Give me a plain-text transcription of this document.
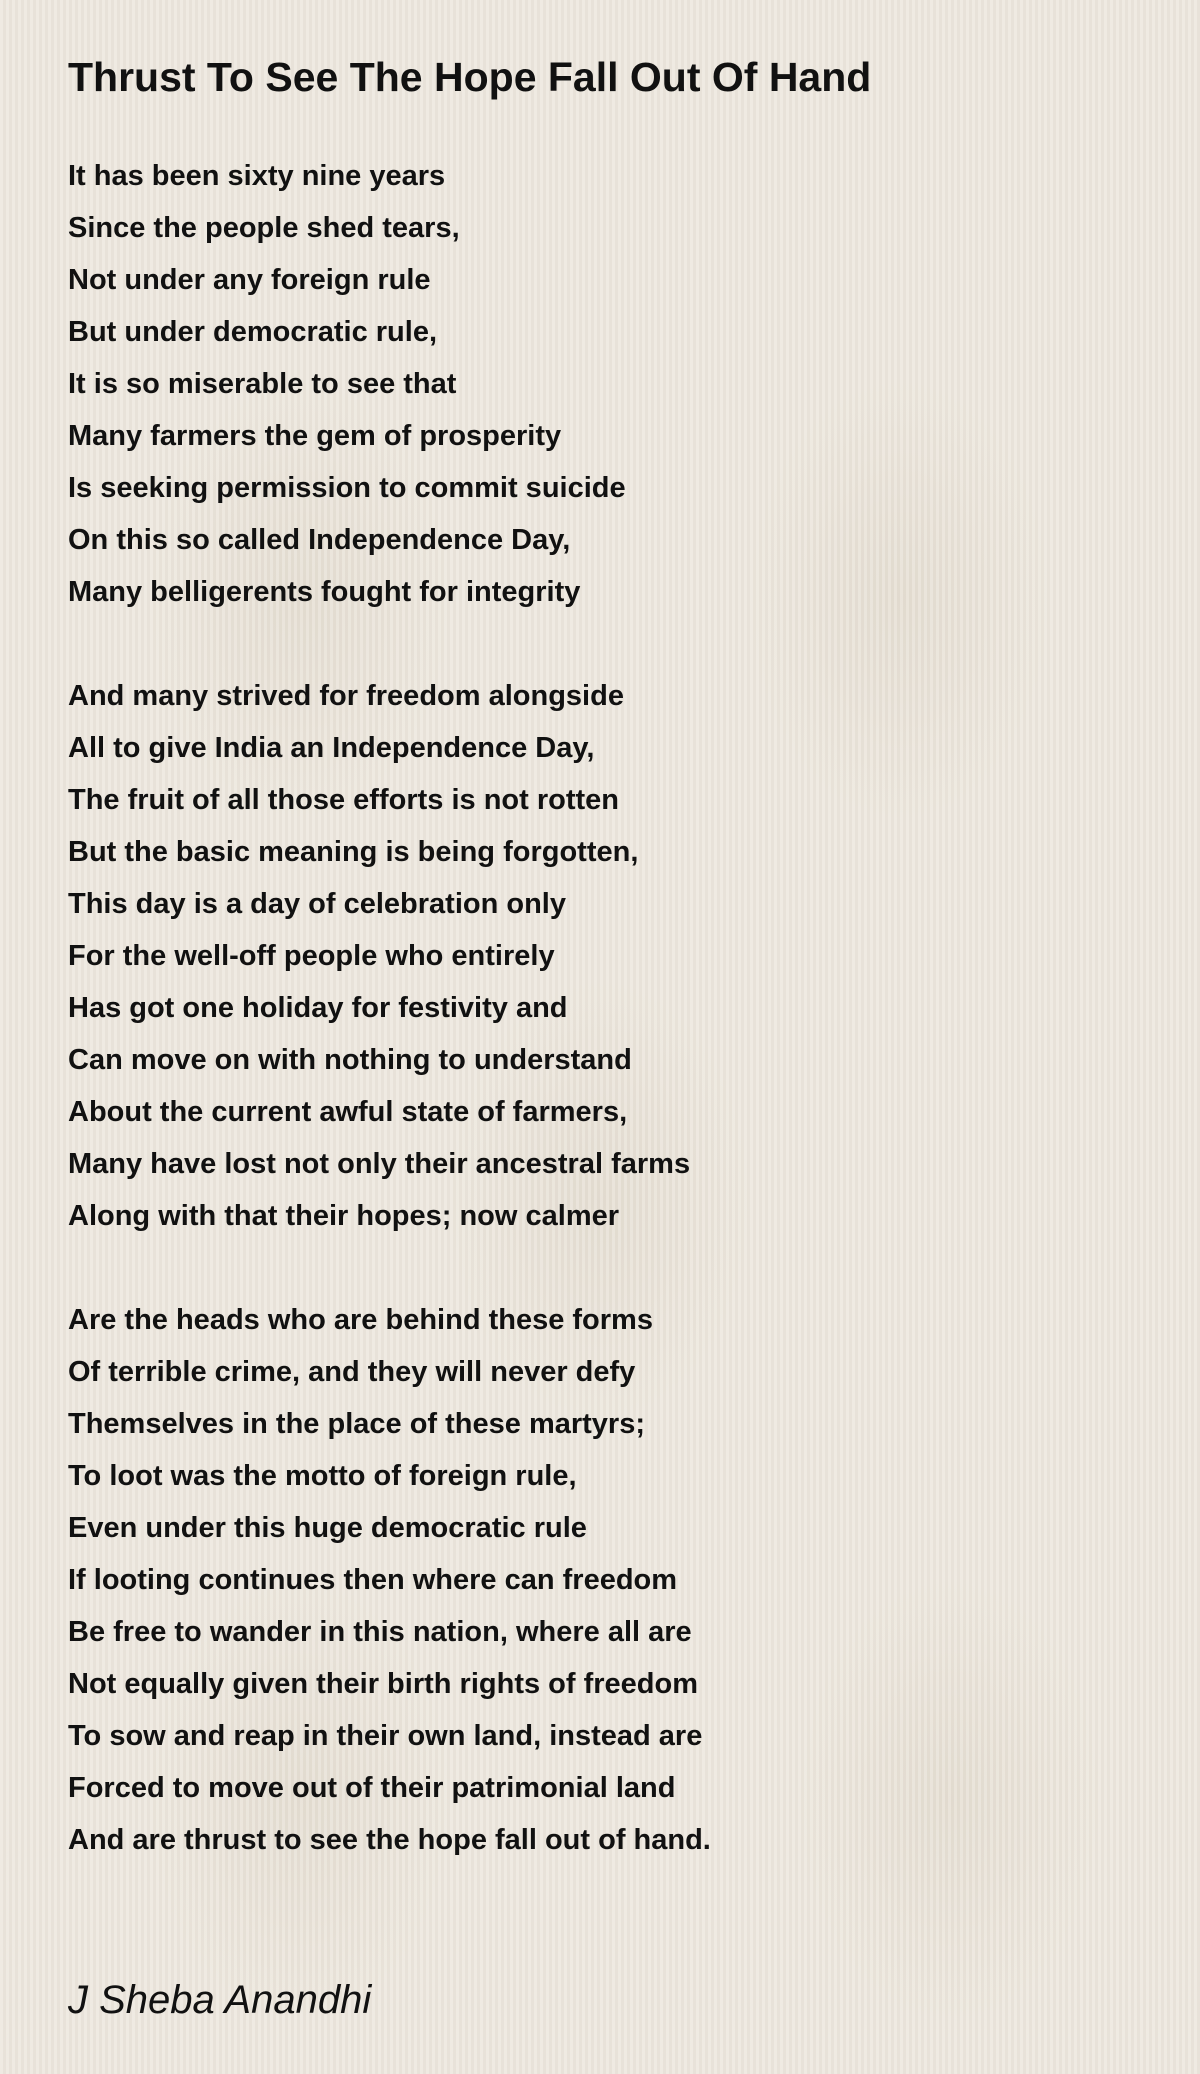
Thrust To See The Hope Fall Out Of Hand
It has been sixty nine years
Since the people shed tears,
Not under any foreign rule
But under democratic rule,
It is so miserable to see that
Many farmers the gem of prosperity
Is seeking permission to commit suicide
On this so called Independence Day,
Many belligerents fought for integrity
And many strived for freedom alongside
All to give India an Independence Day,
The fruit of all those efforts is not rotten
But the basic meaning is being forgotten,
This day is a day of celebration only
For the well-off people who entirely
Has got one holiday for festivity and
Can move on with nothing to understand
About the current awful state of farmers,
Many have lost not only their ancestral farms
Along with that their hopes; now calmer
Are the heads who are behind these forms
Of terrible crime, and they will never defy
Themselves in the place of these martyrs;
To loot was the motto of foreign rule,
Even under this huge democratic rule
If looting continues then where can freedom
Be free to wander in this nation, where all are
Not equally given their birth rights of freedom
To sow and reap in their own land, instead are
Forced to move out of their patrimonial land
And are thrust to see the hope fall out of hand.
J Sheba Anandhi
